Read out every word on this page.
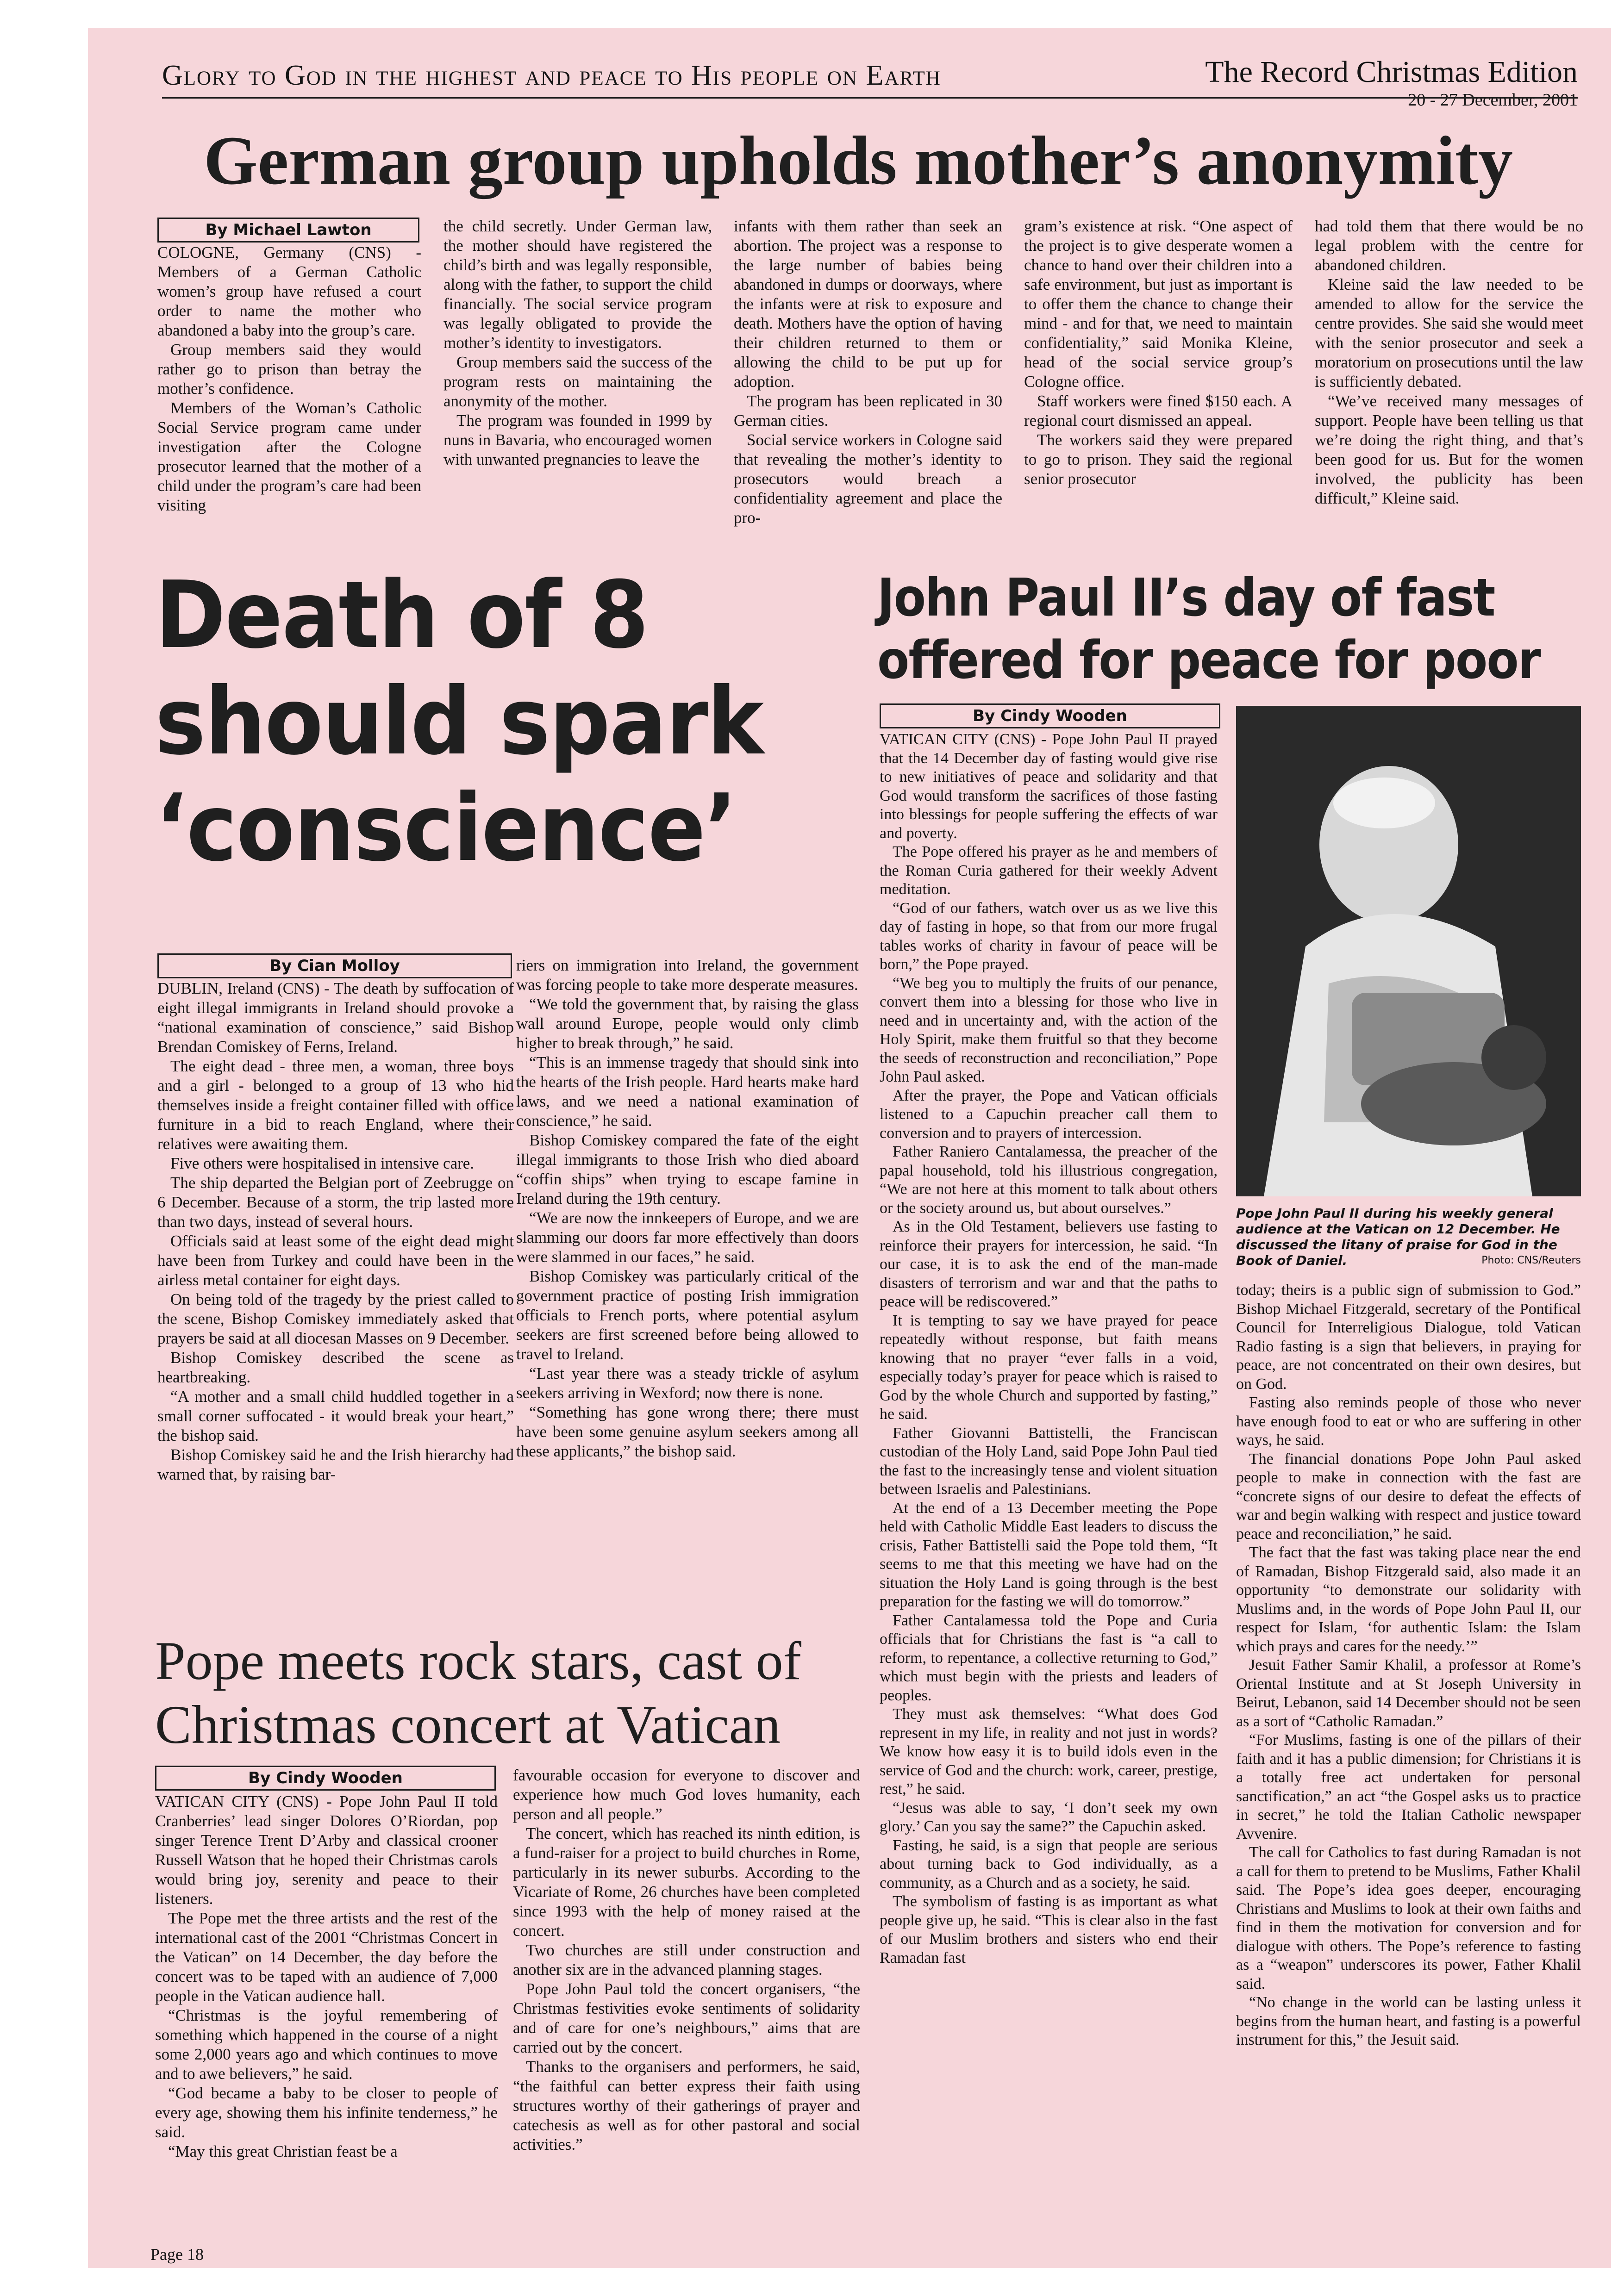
Glory to God in the highest and peace to His people on Earth	The Record Christmas Edition
20 - 27 December, 2001
German group upholds mother’s anonymity
By Michael Lawton

COLOGNE, Germany (CNS) - Members of a German Catholic women’s group have refused a court order to name the mother who abandoned a baby into the group’s care.

Group members said they would rather go to prison than betray the mother’s confidence.

Members of the Woman’s Catholic Social Service program came under investigation after the Cologne prosecutor learned that the mother of a child under the program’s care had been visiting

the child secretly. Under German law, the mother should have registered the child’s birth and was legally responsible, along with the father, to support the child financially. The social service program was legally obligated to provide the mother’s identity to investigators.

Group members said the success of the program rests on maintaining the anonymity of the mother.

The program was founded in 1999 by nuns in Bavaria, who encouraged women with unwanted pregnancies to leave the

infants with them rather than seek an abortion. The project was a response to the large number of babies being abandoned in dumps or doorways, where the infants were at risk to exposure and death. Mothers have the option of having their children returned to them or allowing the child to be put up for adoption.

The program has been replicated in 30 German cities.

Social service workers in Cologne said that revealing the mother’s identity to prosecutors would breach a confidentiality agreement and place the pro-

gram’s existence at risk. “One aspect of the project is to give desperate women a chance to hand over their children into a safe environment, but just as important is to offer them the chance to change their mind - and for that, we need to maintain confidentiality,” said Monika Kleine, head of the social service group’s Cologne office.

Staff workers were fined $150 each. A regional court dismissed an appeal.

The workers said they were prepared to go to prison. They said the regional senior prosecutor

had told them that there would be no legal problem with the centre for abandoned children.

Kleine said the law needed to be amended to allow for the service the centre provides. She said she would meet with the senior prosecutor and seek a moratorium on prosecutions until the law is sufficiently debated.

“We’ve received many messages of support. People have been telling us that we’re doing the right thing, and that’s been good for us. But for the women involved, the publicity has been difficult,” Kleine said.

Death of 8
should spark
‘conscience’
By Cian Molloy

DUBLIN, Ireland (CNS) - The death by suffocation of eight illegal immigrants in Ireland should provoke a “national examination of conscience,” said Bishop Brendan Comiskey of Ferns, Ireland.

The eight dead - three men, a woman, three boys and a girl - belonged to a group of 13 who hid themselves inside a freight container filled with office furniture in a bid to reach England, where their relatives were awaiting them.

Five others were hospitalised in intensive care.

The ship departed the Belgian port of Zeebrugge on 6 December. Because of a storm, the trip lasted more than two days, instead of several hours.

Officials said at least some of the eight dead might have been from Turkey and could have been in the airless metal container for eight days.

On being told of the tragedy by the priest called to the scene, Bishop Comiskey immediately asked that prayers be said at all diocesan Masses on 9 December.

Bishop Comiskey described the scene as heartbreaking.

“A mother and a small child huddled together in a small corner suffocated - it would break your heart,” the bishop said.

Bishop Comiskey said he and the Irish hierarchy had warned that, by raising bar-

riers on immigration into Ireland, the government was forcing people to take more desperate measures.

“We told the government that, by raising the glass wall around Europe, people would only climb higher to break through,” he said.

“This is an immense tragedy that should sink into the hearts of the Irish people. Hard hearts make hard laws, and we need a national examination of conscience,” he said.

Bishop Comiskey compared the fate of the eight illegal immigrants to those Irish who died aboard “coffin ships” when trying to escape famine in Ireland during the 19th century.

“We are now the innkeepers of Europe, and we are slamming our doors far more effectively than doors were slammed in our faces,” he said.

Bishop Comiskey was particularly critical of the government practice of posting Irish immigration officials to French ports, where potential asylum seekers are first screened before being allowed to travel to Ireland.

“Last year there was a steady trickle of asylum seekers arriving in Wexford; now there is none.

“Something has gone wrong there; there must have been some genuine asylum seekers among all these applicants,” the bishop said.

John Paul II’s day of fast
offered for peace for poor
By Cindy Wooden

VATICAN CITY (CNS) - Pope John Paul II prayed that the 14 December day of fasting would give rise to new initiatives of peace and solidarity and that God would transform the sacrifices of those fasting into blessings for people suffering the effects of war and poverty.

The Pope offered his prayer as he and members of the Roman Curia gathered for their weekly Advent meditation.

“God of our fathers, watch over us as we live this day of fasting in hope, so that from our more frugal tables works of charity in favour of peace will be born,” the Pope prayed.

“We beg you to multiply the fruits of our penance, convert them into a blessing for those who live in need and in uncertainty and, with the action of the Holy Spirit, make them fruitful so that they become the seeds of reconstruction and reconciliation,” Pope John Paul asked.

After the prayer, the Pope and Vatican officials listened to a Capuchin preacher call them to conversion and to prayers of intercession.

Father Raniero Cantalamessa, the preacher of the papal household, told his illustrious congregation, “We are not here at this moment to talk about others or the society around us, but about ourselves.”

As in the Old Testament, believers use fasting to reinforce their prayers for intercession, he said. “In our case, it is to ask the end of the man-made disasters of terrorism and war and that the paths to peace will be rediscovered.”

It is tempting to say we have prayed for peace repeatedly without response, but faith means knowing that no prayer “ever falls in a void, especially today’s prayer for peace which is raised to God by the whole Church and supported by fasting,” he said.

Father Giovanni Battistelli, the Franciscan custodian of the Holy Land, said Pope John Paul tied the fast to the increasingly tense and violent situation between Israelis and Palestinians.

At the end of a 13 December meeting the Pope held with Catholic Middle East leaders to discuss the crisis, Father Battistelli said the Pope told them, “It seems to me that this meeting we have had on the situation the Holy Land is going through is the best preparation for the fasting we will do tomorrow.”

Father Cantalamessa told the Pope and Curia officials that for Christians the fast is “a call to reform, to repentance, a collective returning to God,” which must begin with the priests and leaders of peoples.

They must ask themselves: “What does God represent in my life, in reality and not just in words? We know how easy it is to build idols even in the service of God and the church: work, career, prestige, rest,” he said.

“Jesus was able to say, ‘I don’t seek my own glory.’ Can you say the same?” the Capuchin asked.

Fasting, he said, is a sign that people are serious about turning back to God individually, as a community, as a Church and as a society, he said.

The symbolism of fasting is as important as what people give up, he said. “This is clear also in the fast of our Muslim brothers and sisters who end their Ramadan fast

Pope John Paul II during his weekly general audience at the Vatican on 12 December. He discussed the litany of praise for God in the Book of Daniel.	Photo: CNS/Reuters

today; theirs is a public sign of submission to God.” Bishop Michael Fitzgerald, secretary of the Pontifical Council for Interreligious Dialogue, told Vatican Radio fasting is a sign that believers, in praying for peace, are not concentrated on their own desires, but on God.

Fasting also reminds people of those who never have enough food to eat or who are suffering in other ways, he said.

The financial donations Pope John Paul asked people to make in connection with the fast are “concrete signs of our desire to defeat the effects of war and begin walking with respect and justice toward peace and reconciliation,” he said.

The fact that the fast was taking place near the end of Ramadan, Bishop Fitzgerald said, also made it an opportunity “to demonstrate our solidarity with Muslims and, in the words of Pope John Paul II, our respect for Islam, ‘for authentic Islam: the Islam which prays and cares for the needy.’”

Jesuit Father Samir Khalil, a professor at Rome’s Oriental Institute and at St Joseph University in Beirut, Lebanon, said 14 December should not be seen as a sort of “Catholic Ramadan.”

“For Muslims, fasting is one of the pillars of their faith and it has a public dimension; for Christians it is a totally free act undertaken for personal sanctification,” an act “the Gospel asks us to practice in secret,” he told the Italian Catholic newspaper Avvenire.

The call for Catholics to fast during Ramadan is not a call for them to pretend to be Muslims, Father Khalil said. The Pope’s idea goes deeper, encouraging Christians and Muslims to look at their own faiths and find in them the motivation for conversion and for dialogue with others. The Pope’s reference to fasting as a “weapon” underscores its power, Father Khalil said.

“No change in the world can be lasting unless it begins from the human heart, and fasting is a powerful instrument for this,” the Jesuit said.

Pope meets rock stars, cast of
Christmas concert at Vatican
By Cindy Wooden

VATICAN CITY (CNS) - Pope John Paul II told Cranberries’ lead singer Dolores O’Riordan, pop singer Terence Trent D’Arby and classical crooner Russell Watson that he hoped their Christmas carols would bring joy, serenity and peace to their listeners.

The Pope met the three artists and the rest of the international cast of the 2001 “Christmas Concert in the Vatican” on 14 December, the day before the concert was to be taped with an audience of 7,000 people in the Vatican audience hall.

“Christmas is the joyful remembering of something which happened in the course of a night some 2,000 years ago and which continues to move and to awe believers,” he said.

“God became a baby to be closer to people of every age, showing them his infinite tenderness,” he said.

“May this great Christian feast be a

favourable occasion for everyone to discover and experience how much God loves humanity, each person and all people.”

The concert, which has reached its ninth edition, is a fund-raiser for a project to build churches in Rome, particularly in its newer suburbs. According to the Vicariate of Rome, 26 churches have been completed since 1993 with the help of money raised at the concert.

Two churches are still under construction and another six are in the advanced planning stages.

Pope John Paul told the concert organisers, “the Christmas festivities evoke sentiments of solidarity and of care for one’s neighbours,” aims that are carried out by the concert.

Thanks to the organisers and performers, he said, “the faithful can better express their faith using structures worthy of their gatherings of prayer and catechesis as well as for other pastoral and social activities.”

Page 18
